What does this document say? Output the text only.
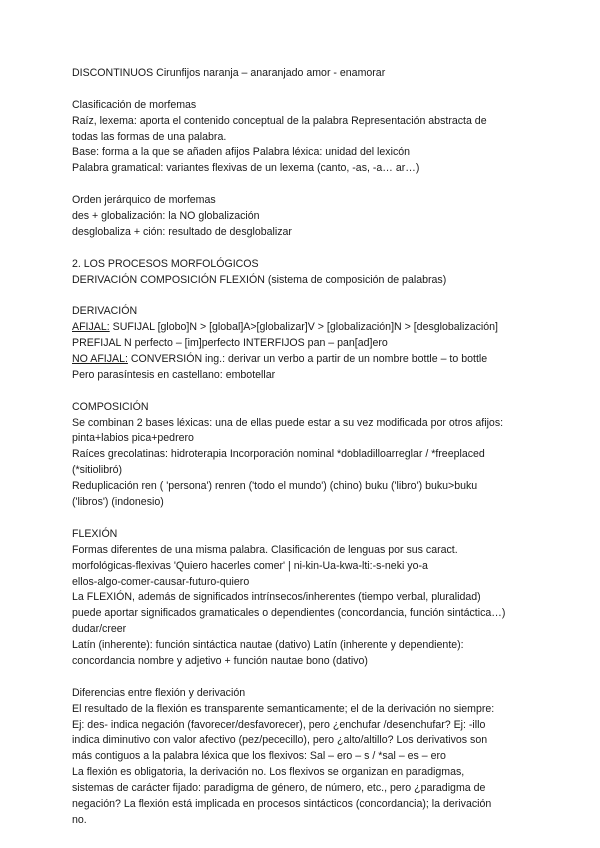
DISCONTINUOS Cirunfijos naranja – anaranjado amor - enamorar
Clasificación de morfemas
Raíz, lexema: aporta el contenido conceptual de la palabra Representación abstracta de
todas las formas de una palabra.
Base: forma a la que se añaden afijos Palabra léxica: unidad del lexicón
Palabra gramatical: variantes flexivas de un lexema (canto, -as, -a… ar…)
Orden jerárquico de morfemas
des + globalización: la NO globalización
desglobaliza + ción: resultado de desglobalizar
2. LOS PROCESOS MORFOLÓGICOS
DERIVACIÓN COMPOSICIÓN FLEXIÓN (sistema de composición de palabras)
DERIVACIÓN
AFIJAL: SUFIJAL [globo]N > [global]A>[globalizar]V > [globalización]N > [desglobalización]
PREFIJAL N perfecto – [im]perfecto INTERFIJOS pan – pan[ad]ero
NO AFIJAL: CONVERSIÓN ing.: derivar un verbo a partir de un nombre bottle – to bottle
Pero parasíntesis en castellano: embotellar
COMPOSICIÓN
Se combinan 2 bases léxicas: una de ellas puede estar a su vez modificada por otros afijos:
pinta+labios pica+pedrero
Raíces grecolatinas: hidroterapia Incorporación nominal *dobladilloarreglar / *freeplaced
(*sitiolibró)
Reduplicación ren ( 'persona') renren ('todo el mundo') (chino) buku ('libro') buku>buku
('libros') (indonesio)
FLEXIÓN
Formas diferentes de una misma palabra. Clasificación de lenguas por sus caract.
morfológicas-flexivas 'Quiero hacerles comer' | ni-kin-Ua-kwa-lti:-s-neki yo-a
ellos-algo-comer-causar-futuro-quiero
La FLEXIÓN, además de significados intrínsecos/inherentes (tiempo verbal, pluralidad)
puede aportar significados gramaticales o dependientes (concordancia, función sintáctica…)
dudar/creer
Latín (inherente): función sintáctica nautae (dativo) Latín (inherente y dependiente):
concordancia nombre y adjetivo + función nautae bono (dativo)
Diferencias entre flexión y derivación
El resultado de la flexión es transparente semanticamente; el de la derivación no siempre:
Ej: des- indica negación (favorecer/desfavorecer), pero ¿enchufar /desenchufar? Ej: -illo
indica diminutivo con valor afectivo (pez/pececillo), pero ¿alto/altillo? Los derivativos son
más contiguos a la palabra léxica que los flexivos: Sal – ero – s / *sal – es – ero
La flexión es obligatoria, la derivación no. Los flexivos se organizan en paradigmas,
sistemas de carácter fijado: paradigma de género, de número, etc., pero ¿paradigma de
negación? La flexión está implicada en procesos sintácticos (concordancia); la derivación
no.
